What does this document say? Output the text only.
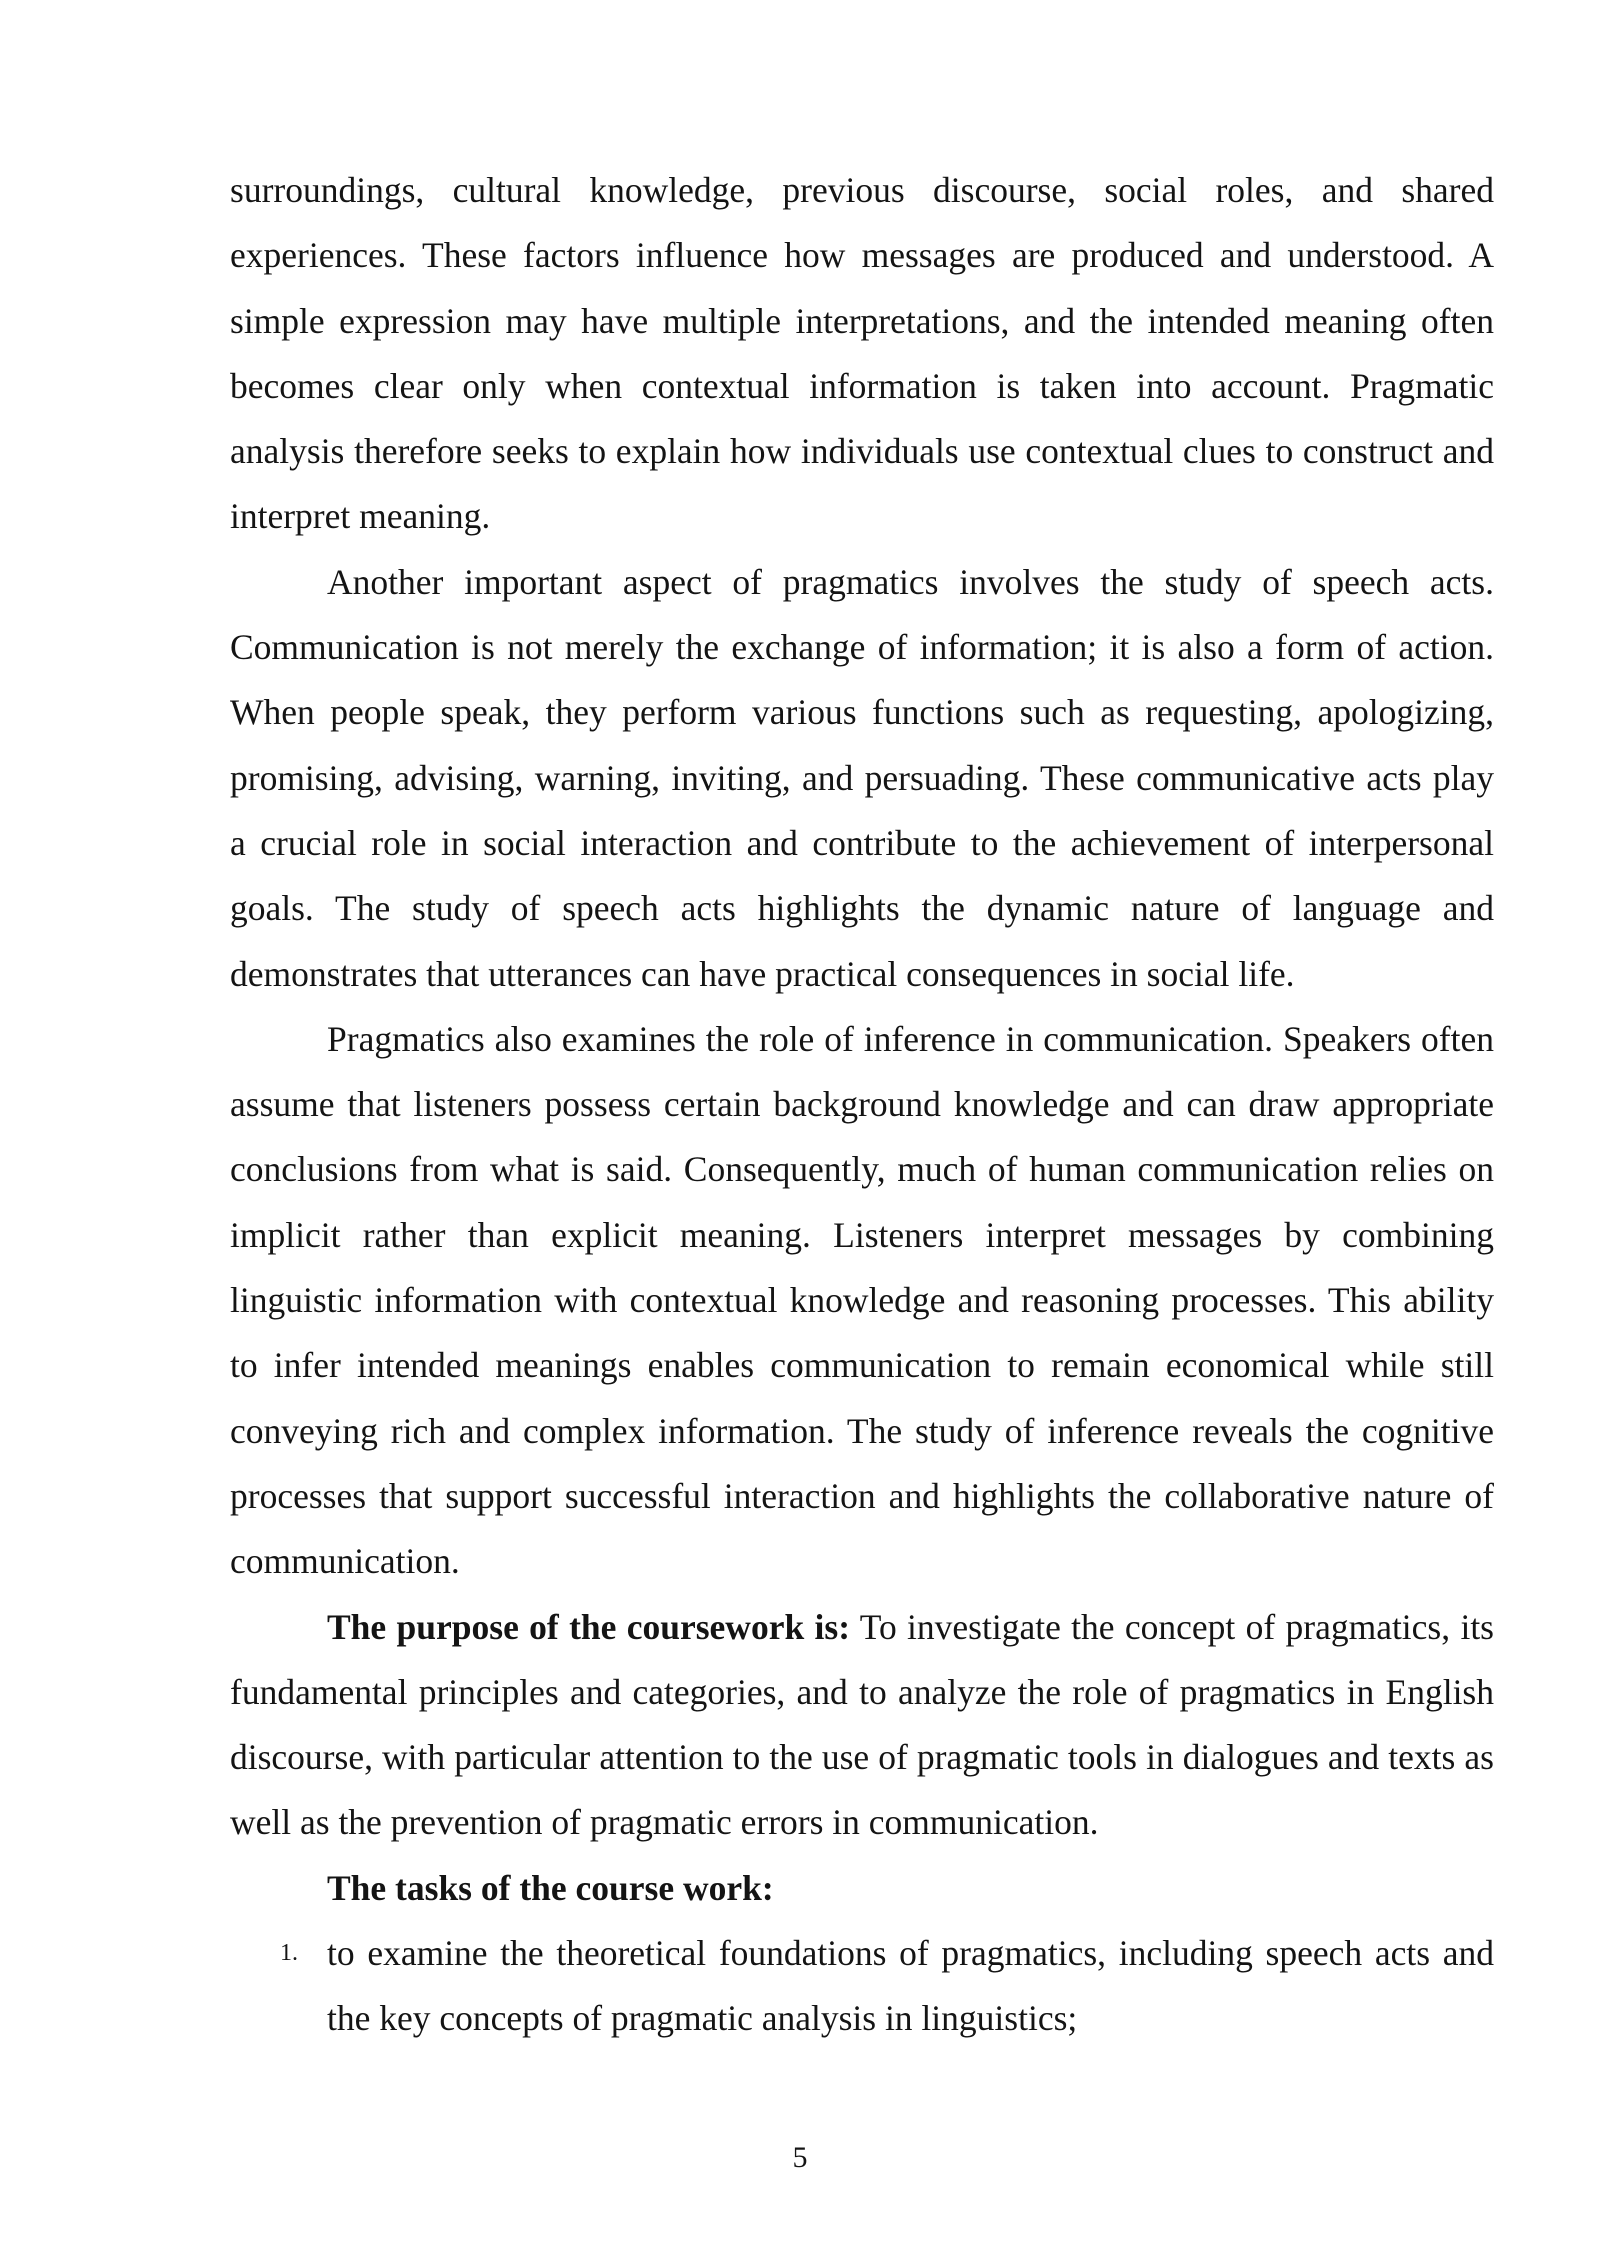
surroundings, cultural knowledge, previous discourse, social roles, and shared experiences. These factors influence how messages are produced and understood. A simple expression may have multiple interpretations, and the intended meaning often becomes clear only when contextual information is taken into account. Pragmatic analysis therefore seeks to explain how individuals use contextual clues to construct and interpret meaning.

Another important aspect of pragmatics involves the study of speech acts. Communication is not merely the exchange of information; it is also a form of action. When people speak, they perform various functions such as requesting, apologizing, promising, advising, warning, inviting, and persuading. These communicative acts play a crucial role in social interaction and contribute to the achievement of interpersonal goals. The study of speech acts highlights the dynamic nature of language and demonstrates that utterances can have practical consequences in social life.

Pragmatics also examines the role of inference in communication. Speakers often assume that listeners possess certain background knowledge and can draw appropriate conclusions from what is said. Consequently, much of human communication relies on implicit rather than explicit meaning. Listeners interpret messages by combining linguistic information with contextual knowledge and reasoning processes. This ability to infer intended meanings enables communication to remain economical while still conveying rich and complex information. The study of inference reveals the cognitive processes that support successful interaction and highlights the collaborative nature of communication.

The purpose of the coursework is: To investigate the concept of pragmatics, its fundamental principles and categories, and to analyze the role of pragmatics in English discourse, with particular attention to the use of pragmatic tools in dialogues and texts as well as the prevention of pragmatic errors in communication.

The tasks of the course work:
1. to examine the theoretical foundations of pragmatics, including speech acts and the key concepts of pragmatic analysis in linguistics;

5
